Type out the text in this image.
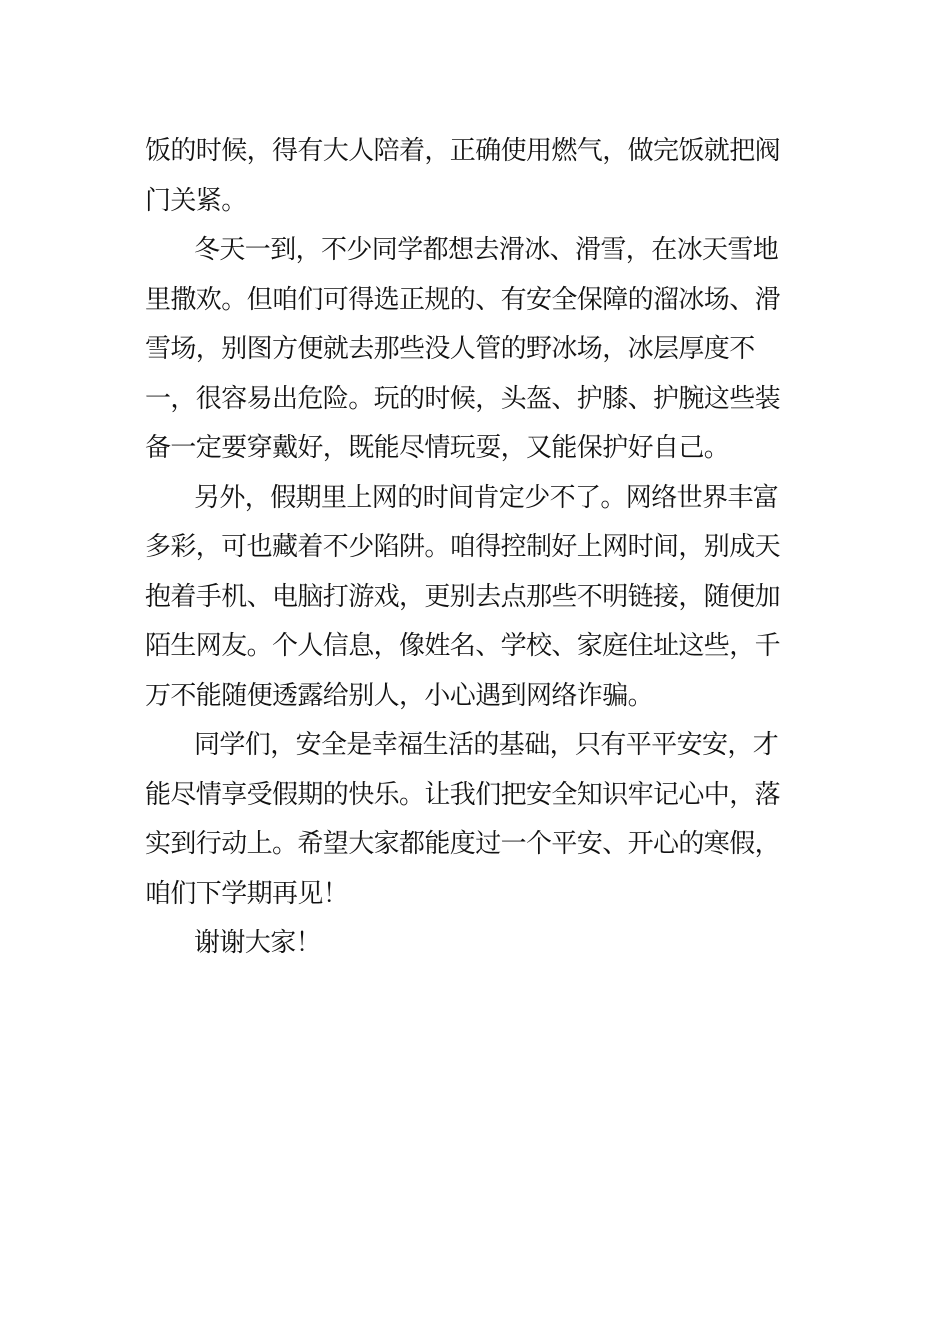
饭的时候，得有大人陪着，正确使用燃气，做完饭就把阀
门关紧。
冬天一到，不少同学都想去滑冰、滑雪，在冰天雪地
里撒欢。但咱们可得选正规的、有安全保障的溜冰场、滑
雪场，别图方便就去那些没人管的野冰场，冰层厚度不
一，很容易出危险。玩的时候，头盔、护膝、护腕这些装
备一定要穿戴好，既能尽情玩耍，又能保护好自己。
另外，假期里上网的时间肯定少不了。网络世界丰富
多彩，可也藏着不少陷阱。咱得控制好上网时间，别成天
抱着手机、电脑打游戏，更别去点那些不明链接，随便加
陌生网友。个人信息，像姓名、学校、家庭住址这些，千
万不能随便透露给别人，小心遇到网络诈骗。
同学们，安全是幸福生活的基础，只有平平安安，才
能尽情享受假期的快乐。让我们把安全知识牢记心中，落
实到行动上。希望大家都能度过一个平安、开心的寒假，
咱们下学期再见！
谢谢大家！
